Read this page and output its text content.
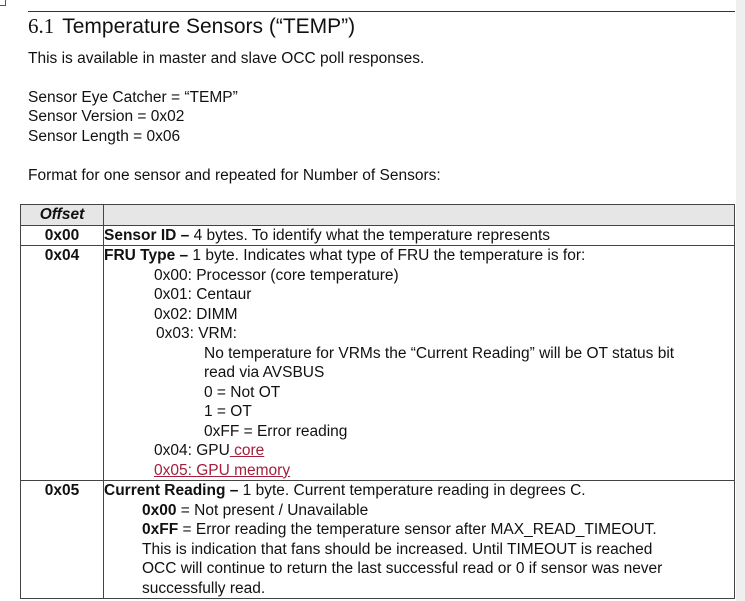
6.1 Temperature Sensors (“TEMP”)
This is available in master and slave OCC poll responses.
Sensor Eye Catcher = “TEMP”
Sensor Version = 0x02
Sensor Length = 0x06
Format for one sensor and repeated for Number of Sensors:
Offset	
0x00	Sensor ID – 4 bytes. To identify what the temperature represents

0x04	FRU Type – 1 byte. Indicates what type of FRU the temperature is for:
0x00: Processor (core temperature)
0x01: Centaur
0x02: DIMM
0x03: VRM:
No temperature for VRMs the “Current Reading” will be OT status bit
read via AVSBUS
0 = Not OT
1 = OT
0xFF = Error reading
0x04: GPU core
0x05: GPU memory

0x05	Current Reading – 1 byte. Current temperature reading in degrees C.
0x00 = Not present / Unavailable
0xFF = Error reading the temperature sensor after MAX_READ_TIMEOUT.
This is indication that fans should be increased. Until TIMEOUT is reached
OCC will continue to return the last successful read or 0 if sensor was never
successfully read.
